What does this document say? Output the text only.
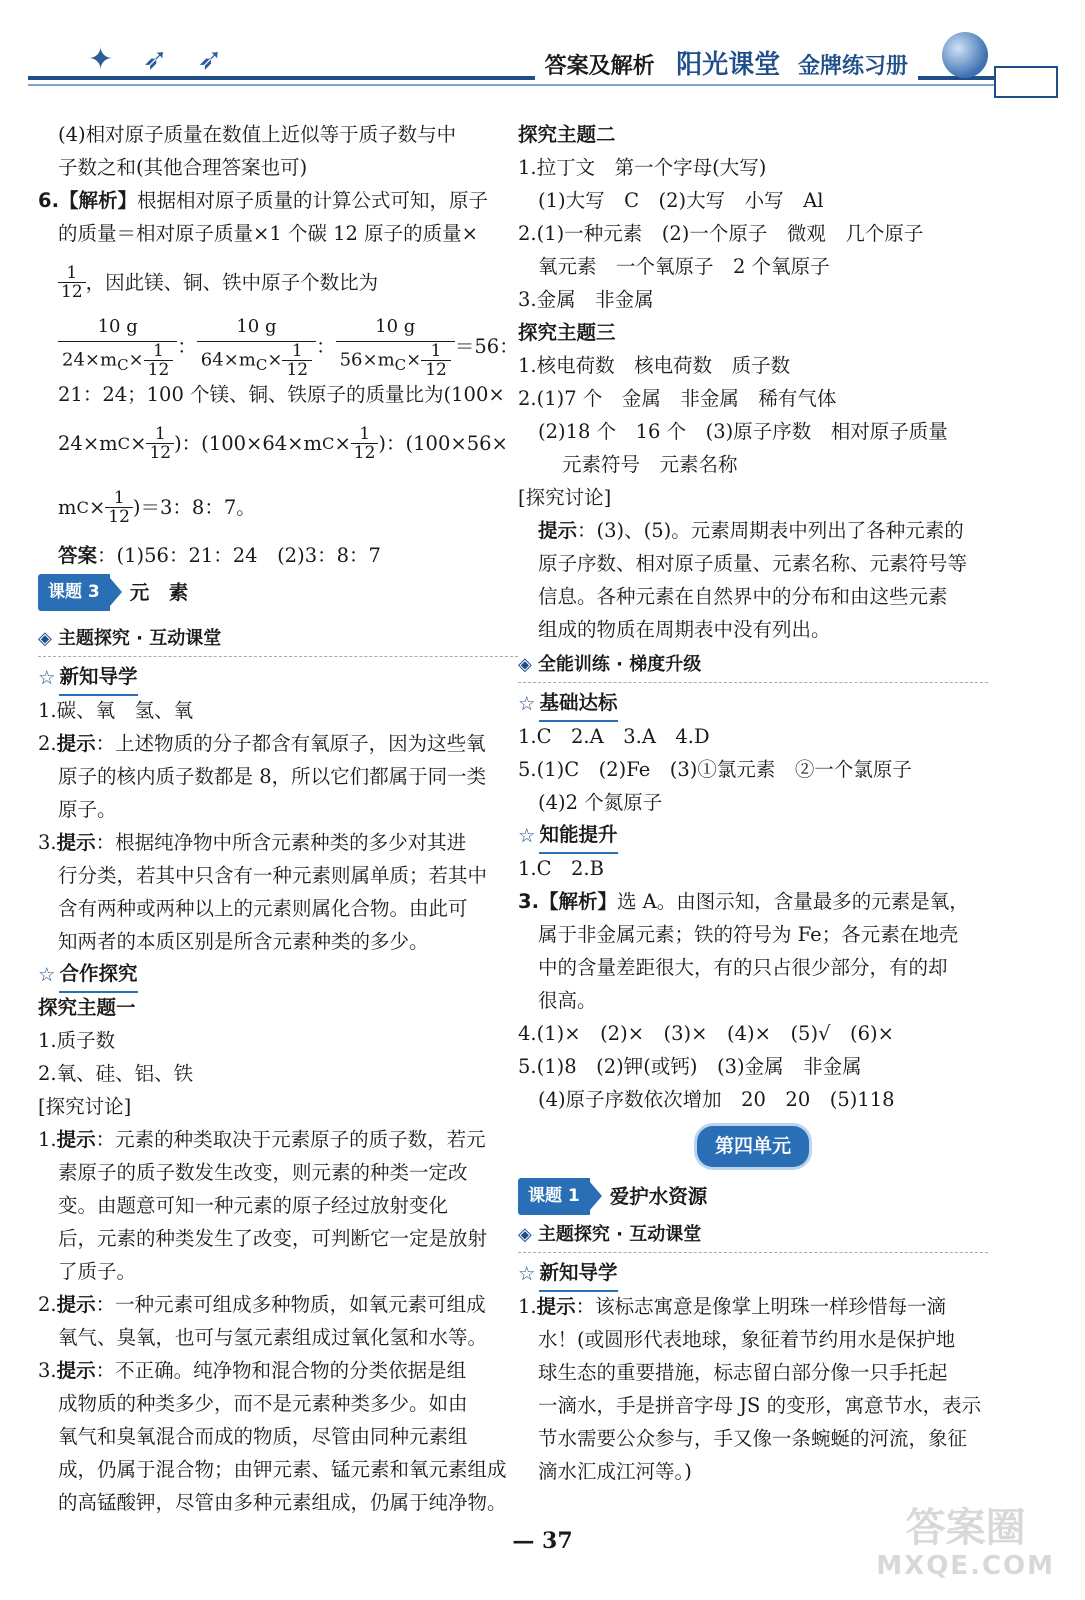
✦ ➶ ➶	答案及解析 阳光课堂 金牌练习册
(4)相对原子质量在数值上近似等于质子数与中
子数之和(其他合理答案也可)
6.【解析】根据相对原子质量的计算公式可知，原子
的质量＝相对原子质量×1 个碳 12 原子的质量×
$\frac{1}{12}$ ，因此镁、铜、铁中原子个数比为
10 g
$24\times m_C\times \frac{1}{12}$ ：
10 g
$64\times m_C\times \frac{1}{12}$ ：
10 g
$56\times m_C\times \frac{1}{12} =56$：
21：24；100 个镁、铜、铁原子的质量比为(100×
24×m $C \times \frac{1}{12}$ )：(100×64×m $C \times \frac{1}{12}$ )：(100×56×
m $C \times \frac{1}{12} )=3$：8：7。
答案：(1)56：21：24　(2)3：8：7
课题 3	元　素
◈ 主题探究 · 互动课堂
☆ 新知导学
1.碳、氧　氢、氧
2.提示：上述物质的分子都含有氧原子，因为这些氧
原子的核内质子数都是 8，所以它们都属于同一类
原子。
3.提示：根据纯净物中所含元素种类的多少对其进
行分类，若其中只含有一种元素则属单质；若其中
含有两种或两种以上的元素则属化合物。由此可
知两者的本质区别是所含元素种类的多少。
☆ 合作探究
探究主题一
1.质子数
2.氧、硅、铝、铁
[探究讨论]
1.提示：元素的种类取决于元素原子的质子数，若元
素原子的质子数发生改变，则元素的种类一定改
变。由题意可知一种元素的原子经过放射变化
后，元素的种类发生了改变，可判断它一定是放射
了质子。
2.提示：一种元素可组成多种物质，如氧元素可组成
氧气、臭氧，也可与氢元素组成过氧化氢和水等。
3.提示：不正确。纯净物和混合物的分类依据是组
成物质的种类多少，而不是元素种类多少。如由
氧气和臭氧混合而成的物质，尽管由同种元素组
成，仍属于混合物；由钾元素、锰元素和氧元素组成
的高锰酸钾，尽管由多种元素组成，仍属于纯净物。
探究主题二
1.拉丁文　第一个字母(大写)
(1)大写　C　(2)大写　小写　Al
2.(1)一种元素　(2)一个原子　微观　几个原子
氧元素　一个氧原子　2 个氧原子
3.金属　非金属
探究主题三
1.核电荷数　核电荷数　质子数
2.(1)7 个　金属　非金属　稀有气体
(2)18 个　16 个　(3)原子序数　相对原子质量
元素符号　元素名称
[探究讨论]
提示：(3)、(5)。元素周期表中列出了各种元素的
原子序数、相对原子质量、元素名称、元素符号等
信息。各种元素在自然界中的分布和由这些元素
组成的物质在周期表中没有列出。
◈ 全能训练 · 梯度升级
☆ 基础达标
1.C　2.A　3.A　4.D
5.(1)C　(2)Fe　(3)①氯元素　②一个氯原子
(4)2 个氮原子
☆ 知能提升
1.C　2.B
3.【解析】选 A。由图示知，含量最多的元素是氧，
属于非金属元素；铁的符号为 Fe；各元素在地壳
中的含量差距很大，有的只占很少部分，有的却
很高。
4.(1)×　(2)×　(3)×　(4)×　(5)√　(6)×
5.(1)8　(2)钾(或钙)　(3)金属　非金属
(4)原子序数依次增加　20　20　(5)118
第四单元
课题 1	爱护水资源
◈ 主题探究 · 互动课堂
☆ 新知导学
1.提示：该标志寓意是像掌上明珠一样珍惜每一滴
水！(或圆形代表地球，象征着节约用水是保护地
球生态的重要措施，标志留白部分像一只手托起
一滴水，手是拼音字母 JS 的变形，寓意节水，表示
节水需要公众参与，手又像一条蜿蜒的河流，象征
滴水汇成江河等。)
— 37	答案圈
MXQE.COM
